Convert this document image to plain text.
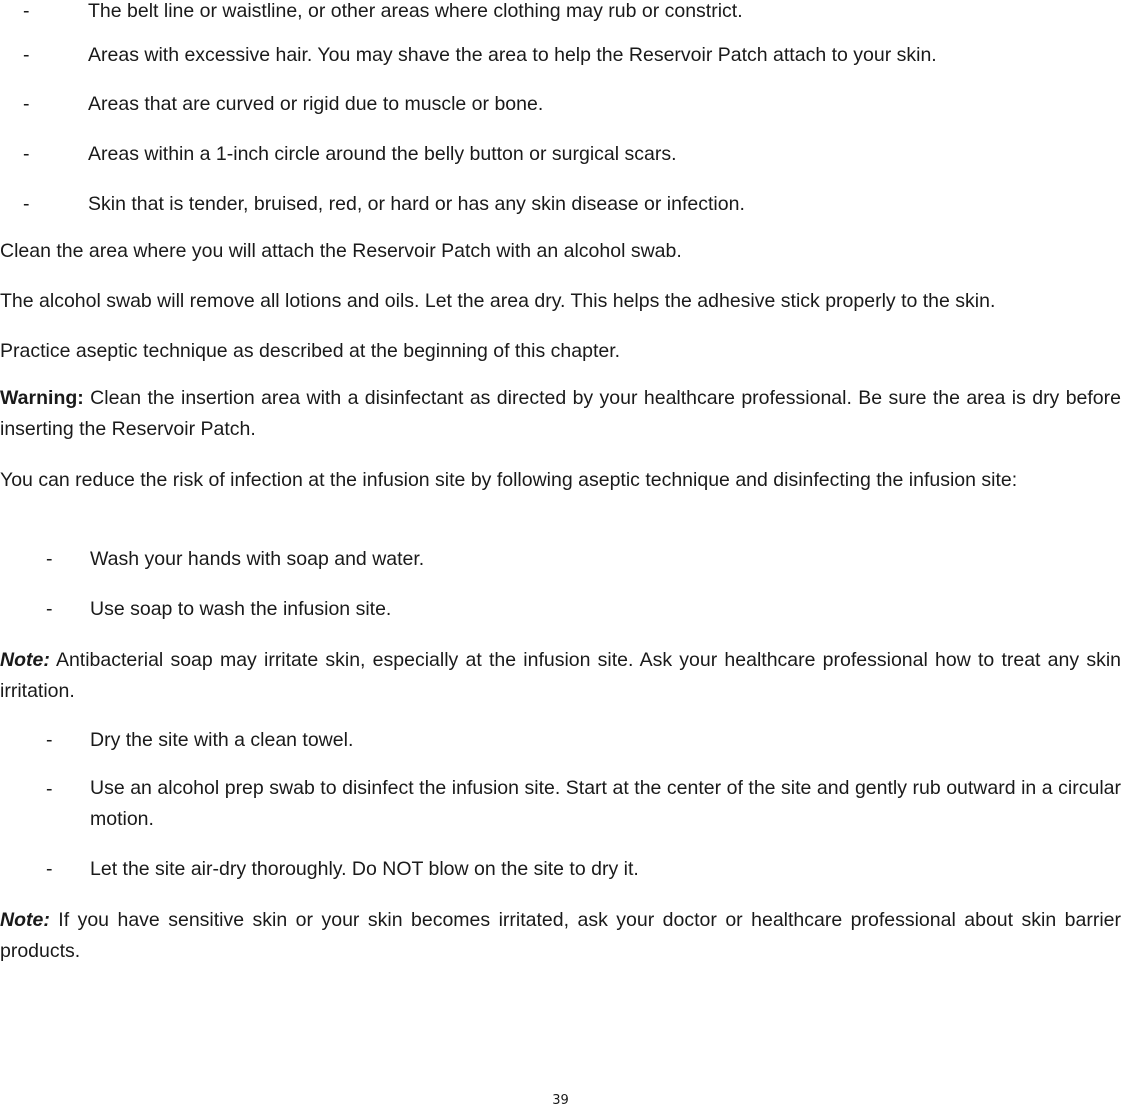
-	The belt line or waistline, or other areas where clothing may rub or constrict.
-	Areas with excessive hair. You may shave the area to help the Reservoir Patch attach to your skin.
-	Areas that are curved or rigid due to muscle or bone.
-	Areas within a 1-inch circle around the belly button or surgical scars.
-	Skin that is tender, bruised, red, or hard or has any skin disease or infection.
Clean the area where you will attach the Reservoir Patch with an alcohol swab.
The alcohol swab will remove all lotions and oils. Let the area dry. This helps the adhesive stick properly to the skin.
Practice aseptic technique as described at the beginning of this chapter.
Warning: Clean the insertion area with a disinfectant as directed by your healthcare professional. Be sure the area is dry before inserting the Reservoir Patch.
You can reduce the risk of infection at the infusion site by following aseptic technique and disinfecting the infusion site:
- Wash your hands with soap and water.
- Use soap to wash the infusion site.
Note: Antibacterial soap may irritate skin, especially at the infusion site. Ask your healthcare professional how to treat any skin irritation.
- Dry the site with a clean towel.
- Use an alcohol prep swab to disinfect the infusion site. Start at the center of the site and gently rub outward in a circular motion.
- Let the site air-dry thoroughly. Do NOT blow on the site to dry it.
Note: If you have sensitive skin or your skin becomes irritated, ask your doctor or healthcare professional about skin barrier products.
39
